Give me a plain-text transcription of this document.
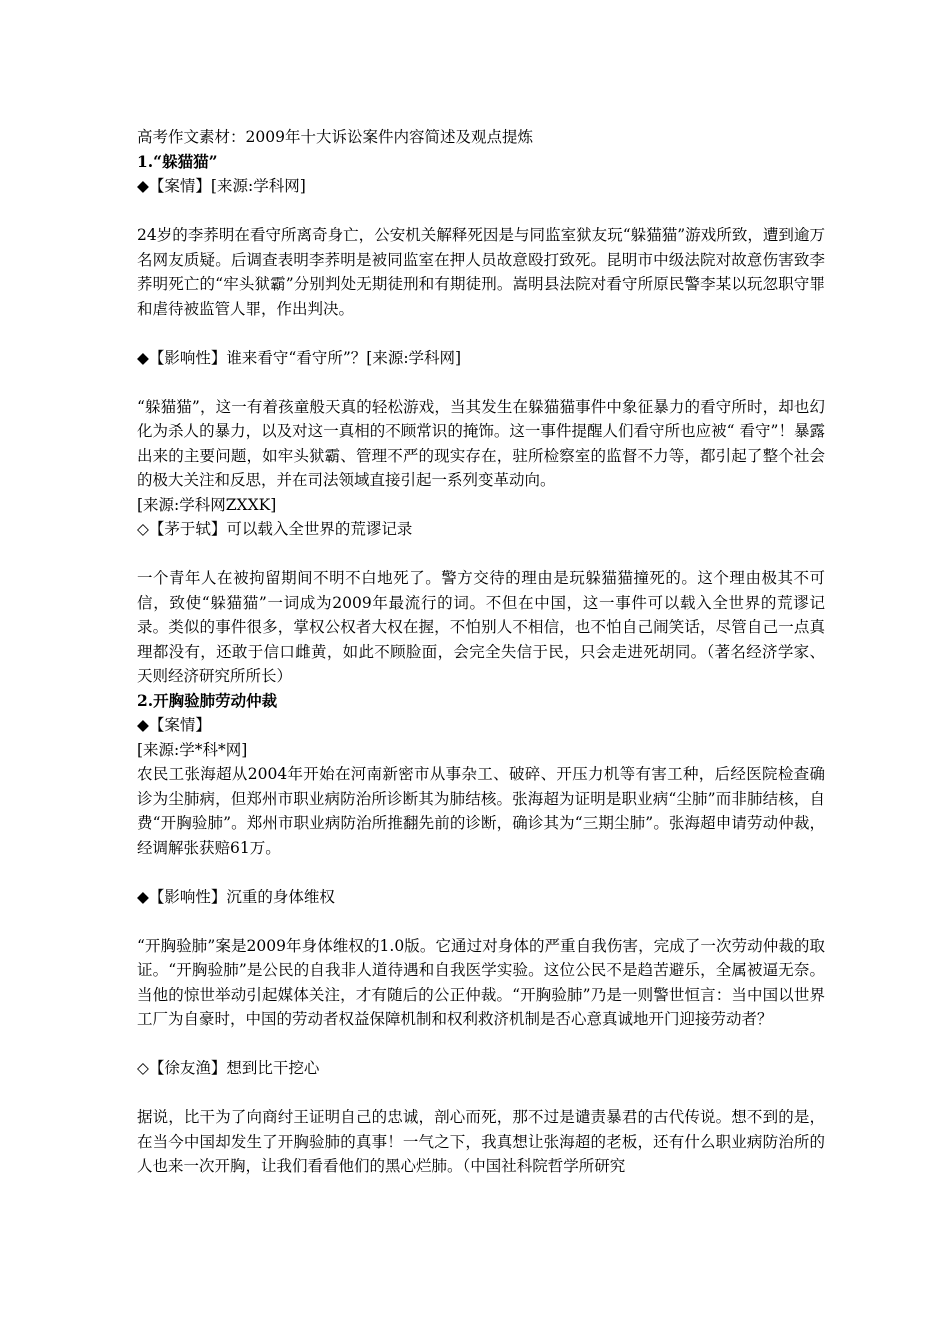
高考作文素材：2009年十大诉讼案件内容简述及观点提炼
1.“躲猫猫”
◆【案情】[来源:学科网]
24岁的李荞明在看守所离奇身亡，公安机关解释死因是与同监室狱友玩“躲猫猫”游戏所致，遭到逾万名网友质疑。后调查表明李荞明是被同监室在押人员故意殴打致死。昆明市中级法院对故意伤害致李荞明死亡的“牢头狱霸”分别判处无期徒刑和有期徒刑。嵩明县法院对看守所原民警李某以玩忽职守罪和虐待被监管人罪，作出判决。
◆【影响性】谁来看守“看守所”？[来源:学科网]
“躲猫猫”，这一有着孩童般天真的轻松游戏，当其发生在躲猫猫事件中象征暴力的看守所时，却也幻化为杀人的暴力，以及对这一真相的不顾常识的掩饰。这一事件提醒人们看守所也应被“ 看守”！暴露出来的主要问题，如牢头狱霸、管理不严的现实存在，驻所检察室的监督不力等，都引起了整个社会的极大关注和反思，并在司法领域直接引起一系列变革动向。
[来源:学科网ZXXK]
◇【茅于轼】可以载入全世界的荒谬记录
一个青年人在被拘留期间不明不白地死了。警方交待的理由是玩躲猫猫撞死的。这个理由极其不可信，致使“躲猫猫”一词成为2009年最流行的词。不但在中国，这一事件可以载入全世界的荒谬记录。类似的事件很多，掌权公权者大权在握，不怕别人不相信，也不怕自己闹笑话，尽管自己一点真理都没有，还敢于信口雌黄，如此不顾脸面，会完全失信于民，只会走进死胡同。（著名经济学家、天则经济研究所所长）
2.开胸验肺劳动仲裁
◆【案情】
[来源:学*科*网]
农民工张海超从2004年开始在河南新密市从事杂工、破碎、开压力机等有害工种，后经医院检查确诊为尘肺病，但郑州市职业病防治所诊断其为肺结核。张海超为证明是职业病“尘肺”而非肺结核，自费“开胸验肺”。郑州市职业病防治所推翻先前的诊断，确诊其为“三期尘肺”。张海超申请劳动仲裁，经调解张获赔61万。
◆【影响性】沉重的身体维权
“开胸验肺”案是2009年身体维权的1.0版。它通过对身体的严重自我伤害，完成了一次劳动仲裁的取证。“开胸验肺”是公民的自我非人道待遇和自我医学实验。这位公民不是趋苦避乐，全属被逼无奈。当他的惊世举动引起媒体关注，才有随后的公正仲裁。“开胸验肺”乃是一则警世恒言：当中国以世界工厂为自豪时，中国的劳动者权益保障机制和权利救济机制是否心意真诚地开门迎接劳动者？
◇【徐友渔】想到比干挖心
据说，比干为了向商纣王证明自己的忠诚，剖心而死，那不过是谴责暴君的古代传说。想不到的是，在当今中国却发生了开胸验肺的真事！一气之下，我真想让张海超的老板，还有什么职业病防治所的人也来一次开胸，让我们看看他们的黑心烂肺。（中国社科院哲学所研究
